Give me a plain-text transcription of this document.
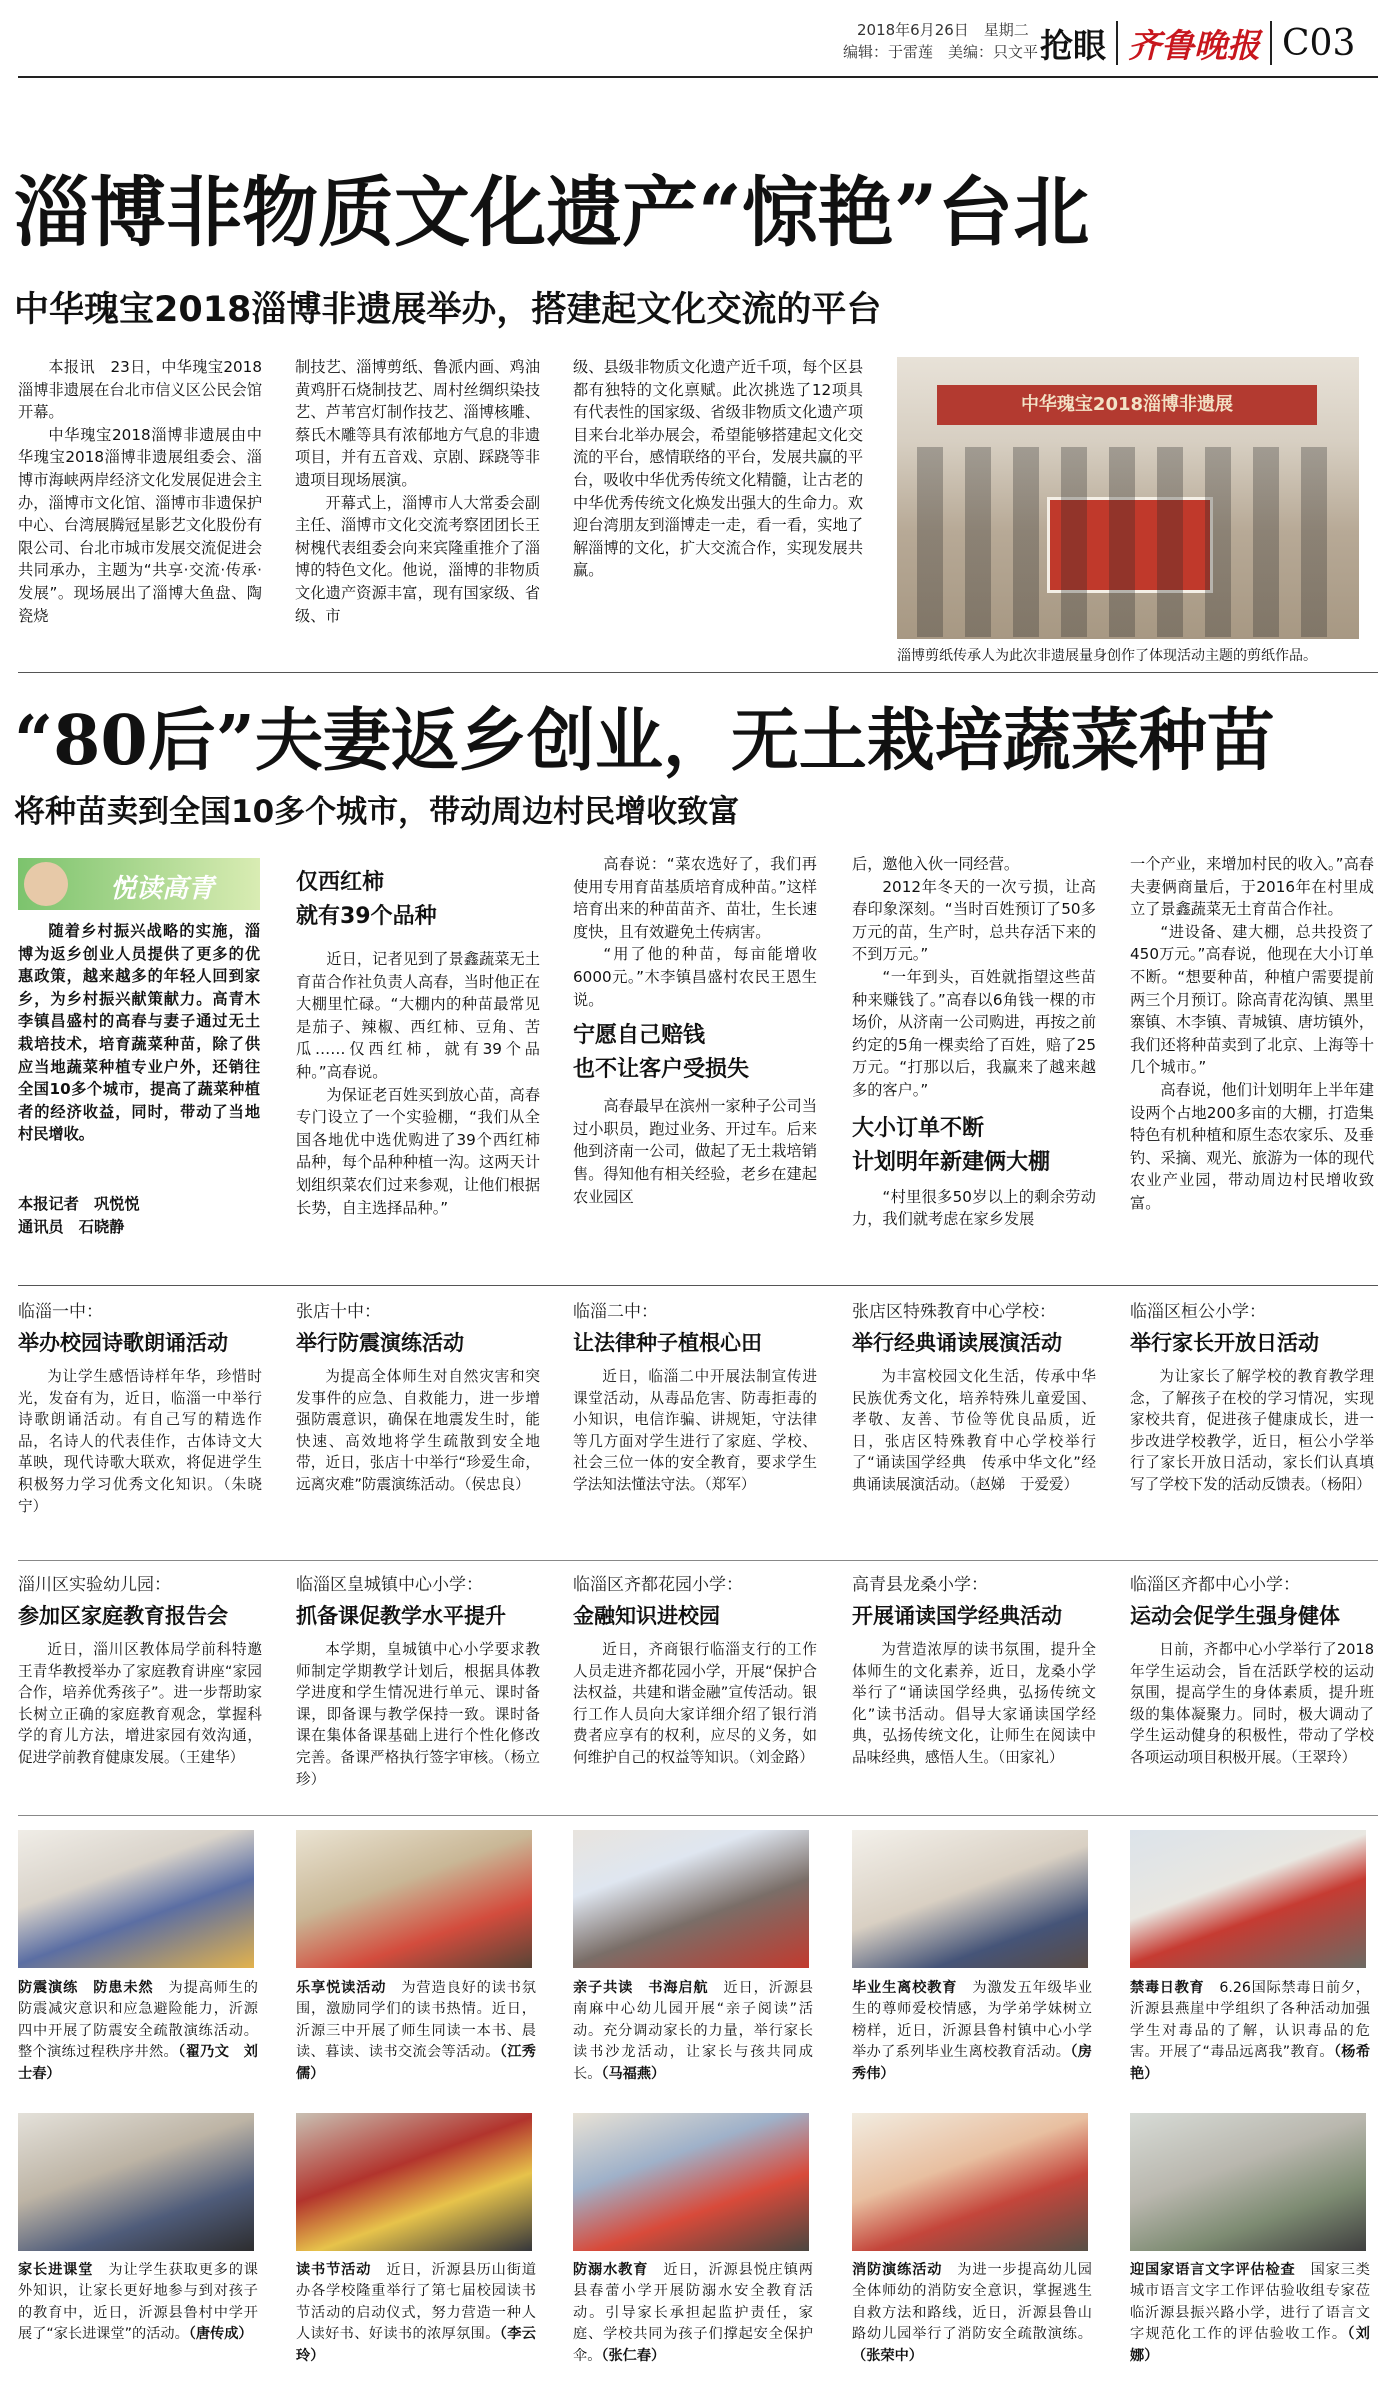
2018年6月26日　星期二
编辑：于雷莲　美编：只文平 抢眼 齐鲁晚报 C03
淄博非物质文化遗产“惊艳”台北
中华瑰宝2018淄博非遗展举办，搭建起文化交流的平台

本报讯　23日，中华瑰宝2018淄博非遗展在台北市信义区公民会馆开幕。

中华瑰宝2018淄博非遗展由中华瑰宝2018淄博非遗展组委会、淄博市海峡两岸经济文化发展促进会主办，淄博市文化馆、淄博市非遗保护中心、台湾展腾冠星影艺文化股份有限公司、台北市城市发展交流促进会共同承办，主题为“共享·交流·传承·发展”。现场展出了淄博大鱼盘、陶瓷烧

制技艺、淄博剪纸、鲁派内画、鸡油黄鸡肝石烧制技艺、周村丝绸织染技艺、芦苇宫灯制作技艺、淄博核雕、蔡氏木雕等具有浓郁地方气息的非遗项目，并有五音戏、京剧、踩跷等非遗项目现场展演。

开幕式上，淄博市人大常委会副主任、淄博市文化交流考察团团长王树槐代表组委会向来宾隆重推介了淄博的特色文化。他说，淄博的非物质文化遗产资源丰富，现有国家级、省级、市

级、县级非物质文化遗产近千项，每个区县都有独特的文化禀赋。此次挑选了12项具有代表性的国家级、省级非物质文化遗产项目来台北举办展会，希望能够搭建起文化交流的平台，感情联络的平台，发展共赢的平台，吸收中华优秀传统文化精髓，让古老的中华优秀传统文化焕发出强大的生命力。欢迎台湾朋友到淄博走一走，看一看，实地了解淄博的文化，扩大交流合作，实现发展共赢。

中华瑰宝2018淄博非遗展
淄博剪纸传承人为此次非遗展量身创作了体现活动主题的剪纸作品。
“80后”夫妻返乡创业，无土栽培蔬菜种苗
将种苗卖到全国10多个城市，带动周边村民增收致富
悦读高青

随着乡村振兴战略的实施，淄博为返乡创业人员提供了更多的优惠政策，越来越多的年轻人回到家乡，为乡村振兴献策献力。高青木李镇昌盛村的高春与妻子通过无土栽培技术，培育蔬菜种苗，除了供应当地蔬菜种植专业户外，还销往全国10多个城市，提高了蔬菜种植者的经济收益，同时，带动了当地村民增收。

本报记者　巩悦悦

通讯员　石晓静

仅西红柿
就有39个品种

近日，记者见到了景鑫蔬菜无土育苗合作社负责人高春，当时他正在大棚里忙碌。“大棚内的种苗最常见是茄子、辣椒、西红柿、豆角、苦瓜……仅西红柿，就有39个品种。”高春说。

为保证老百姓买到放心苗，高春专门设立了一个实验棚，“我们从全国各地优中选优购进了39个西红柿品种，每个品种种植一沟。这两天计划组织菜农们过来参观，让他们根据长势，自主选择品种。”

高春说：“菜农选好了，我们再使用专用育苗基质培育成种苗。”这样培育出来的种苗苗齐、苗壮，生长速度快，且有效避免土传病害。

“用了他的种苗，每亩能增收6000元。”木李镇昌盛村农民王恩生说。

宁愿自己赔钱
也不让客户受损失

高春最早在滨州一家种子公司当过小职员，跑过业务、开过车。后来他到济南一公司，做起了无土栽培销售。得知他有相关经验，老乡在建起农业园区

后，邀他入伙一同经营。

2012年冬天的一次亏损，让高春印象深刻。“当时百姓预订了50多万元的苗，生产时，总共存活下来的不到万元。”

“一年到头，百姓就指望这些苗种来赚钱了。”高春以6角钱一棵的市场价，从济南一公司购进，再按之前约定的5角一棵卖给了百姓，赔了25万元。“打那以后，我赢来了越来越多的客户。”

大小订单不断
计划明年新建俩大棚

“村里很多50岁以上的剩余劳动力，我们就考虑在家乡发展

一个产业，来增加村民的收入。”高春夫妻俩商量后，于2016年在村里成立了景鑫蔬菜无土育苗合作社。

“进设备、建大棚，总共投资了450万元。”高春说，他现在大小订单不断。“想要种苗，种植户需要提前两三个月预订。除高青花沟镇、黑里寨镇、木李镇、青城镇、唐坊镇外，我们还将种苗卖到了北京、上海等十几个城市。”

高春说，他们计划明年上半年建设两个占地200多亩的大棚，打造集特色有机种植和原生态农家乐、及垂钓、采摘、观光、旅游为一体的现代农业产业园，带动周边村民增收致富。

临淄一中：
举办校园诗歌朗诵活动

为让学生感悟诗样年华，珍惜时光，发奋有为，近日，临淄一中举行诗歌朗诵活动。有自己写的精选作品，名诗人的代表佳作，古体诗文大革映，现代诗歌大联欢，将促进学生积极努力学习优秀文化知识。（朱晓宁）

张店十中：
举行防震演练活动

为提高全体师生对自然灾害和突发事件的应急、自救能力，进一步增强防震意识，确保在地震发生时，能快速、高效地将学生疏散到安全地带，近日，张店十中举行“珍爱生命，远离灾难”防震演练活动。（侯忠良）

临淄二中：
让法律种子植根心田

近日，临淄二中开展法制宣传进课堂活动，从毒品危害、防毒拒毒的小知识，电信诈骗、讲规矩，守法律等几方面对学生进行了家庭、学校、社会三位一体的安全教育，要求学生学法知法懂法守法。（郑军）

张店区特殊教育中心学校：
举行经典诵读展演活动

为丰富校园文化生活，传承中华民族优秀文化，培养特殊儿童爱国、孝敬、友善、节俭等优良品质，近日，张店区特殊教育中心学校举行了“诵读国学经典　传承中华文化”经典诵读展演活动。（赵娣　于爱爱）

临淄区桓公小学：
举行家长开放日活动

为让家长了解学校的教育教学理念，了解孩子在校的学习情况，实现家校共育，促进孩子健康成长，进一步改进学校教学，近日，桓公小学举行了家长开放日活动，家长们认真填写了学校下发的活动反馈表。（杨阳）

淄川区实验幼儿园：
参加区家庭教育报告会

近日，淄川区教体局学前科特邀王青华教授举办了家庭教育讲座“家园合作，培养优秀孩子”。进一步帮助家长树立正确的家庭教育观念，掌握科学的育儿方法，增进家园有效沟通，促进学前教育健康发展。（王建华）

临淄区皇城镇中心小学：
抓备课促教学水平提升

本学期，皇城镇中心小学要求教师制定学期教学计划后，根据具体教学进度和学生情况进行单元、课时备课，即备课与教学保持一致。课时备课在集体备课基础上进行个性化修改完善。备课严格执行签字审核。（杨立珍）

临淄区齐都花园小学：
金融知识进校园

近日，齐商银行临淄支行的工作人员走进齐都花园小学，开展“保护合法权益，共建和谐金融”宣传活动。银行工作人员向大家详细介绍了银行消费者应享有的权利，应尽的义务，如何维护自己的权益等知识。（刘金路）

高青县龙桑小学：
开展诵读国学经典活动

为营造浓厚的读书氛围，提升全体师生的文化素养，近日，龙桑小学举行了“诵读国学经典，弘扬传统文化”读书活动。倡导大家诵读国学经典，弘扬传统文化，让师生在阅读中品味经典，感悟人生。（田家礼）

临淄区齐都中心小学：
运动会促学生强身健体

日前，齐都中心小学举行了2018年学生运动会，旨在活跃学校的运动氛围，提高学生的身体素质，提升班级的集体凝聚力。同时，极大调动了学生运动健身的积极性，带动了学校各项运动项目积极开展。（王翠玲）

防震演练　防患未然　 为提高师生的防震减灾意识和应急避险能力，沂源四中开展了防震安全疏散演练活动。整个演练过程秩序井然。（翟乃文　刘士春）
乐享悦读活动　 为营造良好的读书氛围，激励同学们的读书热情。近日，沂源三中开展了师生同读一本书、晨读、暮读、读书交流会等活动。（江秀儒）
亲子共读　书海启航　 近日，沂源县南麻中心幼儿园开展“亲子阅读”活动。充分调动家长的力量，举行家长读书沙龙活动，让家长与孩共同成长。（马福燕）
毕业生离校教育　 为激发五年级毕业生的尊师爱校情感，为学弟学妹树立榜样，近日，沂源县鲁村镇中心小学举办了系列毕业生离校教育活动。（房秀伟）
禁毒日教育　 6.26国际禁毒日前夕，沂源县燕崖中学组织了各种活动加强学生对毒品的了解，认识毒品的危害。开展了“毒品远离我”教育。（杨希艳）
家长进课堂　 为让学生获取更多的课外知识，让家长更好地参与到对孩子的教育中，近日，沂源县鲁村中学开展了“家长进课堂”的活动。（唐传成）
读书节活动　 近日，沂源县历山街道办各学校隆重举行了第七届校园读书节活动的启动仪式，努力营造一种人人读好书、好读书的浓厚氛围。（李云玲）
防溺水教育　 近日，沂源县悦庄镇两县春蕾小学开展防溺水安全教育活动。引导家长承担起监护责任，家庭、学校共同为孩子们撑起安全保护伞。（张仁春）
消防演练活动　 为进一步提高幼儿园全体师幼的消防安全意识，掌握逃生自救方法和路线，近日，沂源县鲁山路幼儿园举行了消防安全疏散演练。（张荣中）
迎国家语言文字评估检查　 国家三类城市语言文字工作评估验收组专家莅临沂源县振兴路小学，进行了语言文字规范化工作的评估验收工作。（刘娜）
